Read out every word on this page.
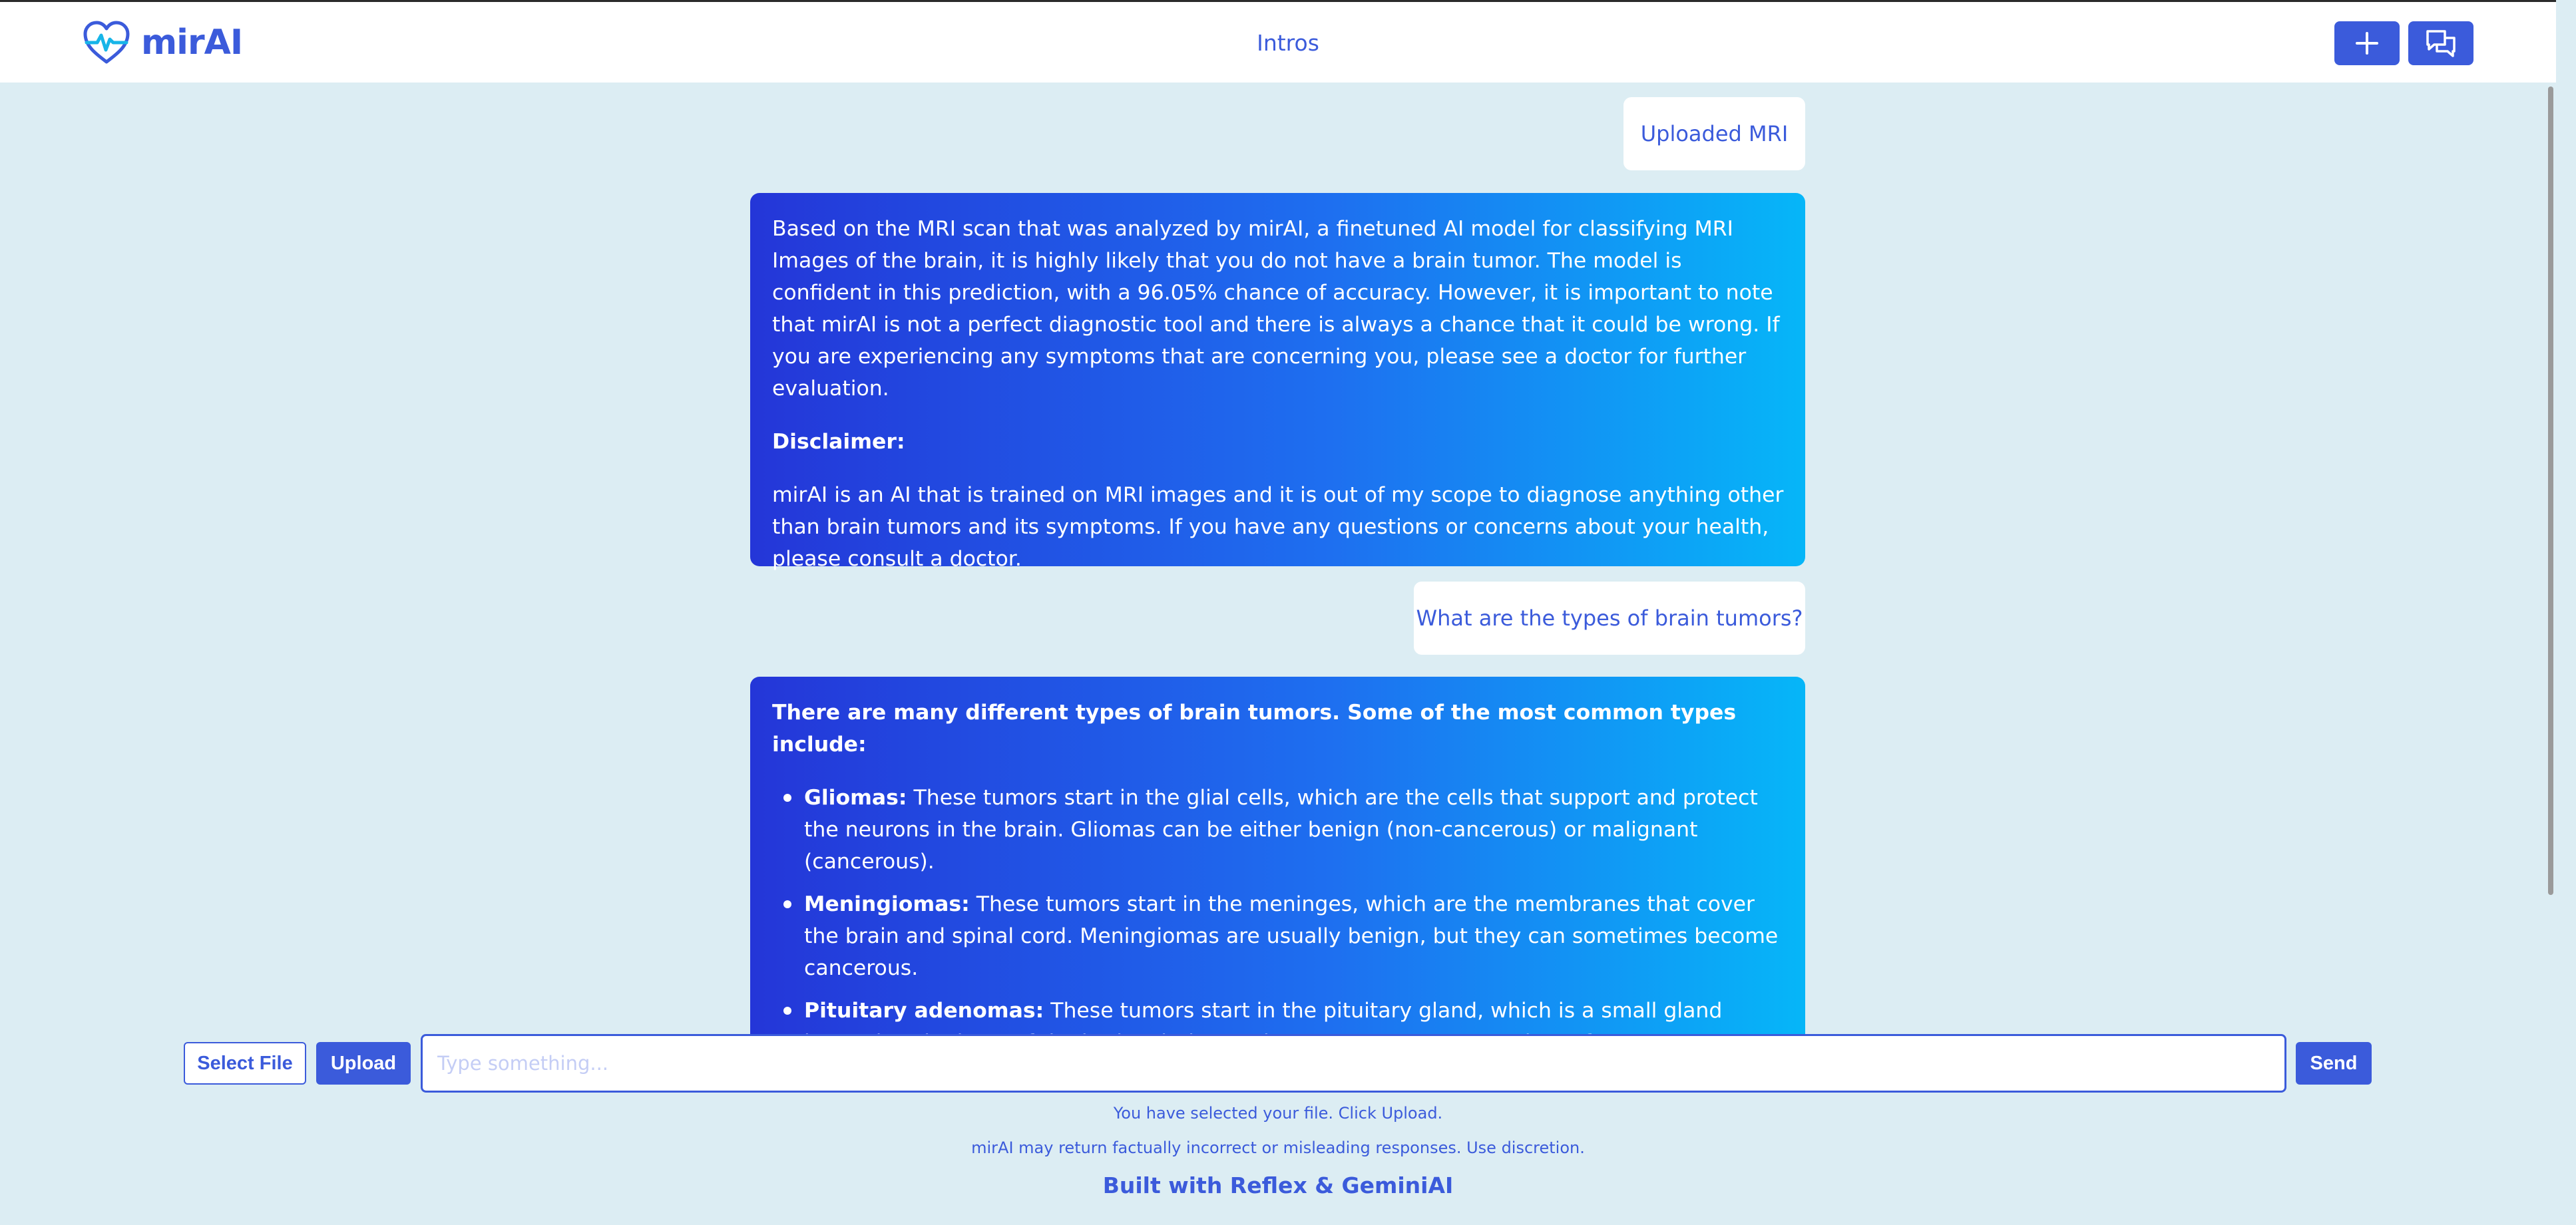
mirAI	Intros
Uploaded MRI

Based on the MRI scan that was analyzed by mirAI, a finetuned AI model for classifying MRI Images of the brain, it is highly likely that you do not have a brain tumor. The model is confident in this prediction, with a 96.05% chance of accuracy. However, it is important to note that mirAI is not a perfect diagnostic tool and there is always a chance that it could be wrong. If you are experiencing any symptoms that are concerning you, please see a doctor for further evaluation.

Disclaimer:

mirAI is an AI that is trained on MRI images and it is out of my scope to diagnose anything other than brain tumors and its symptoms. If you have any questions or concerns about your health, please consult a doctor.

What are the types of brain tumors?

There are many different types of brain tumors. Some of the most common types include:

Gliomas: These tumors start in the glial cells, which are the cells that support and protect the neurons in the brain. Gliomas can be either benign (non-cancerous) or malignant (cancerous).
Meningiomas: These tumors start in the meninges, which are the membranes that cover the brain and spinal cord. Meningiomas are usually benign, but they can sometimes become cancerous.
Pituitary adenomas: These tumors start in the pituitary gland, which is a small gland
Select File	Upload
Type something...	Send
You have selected your file. Click Upload.
mirAI may return factually incorrect or misleading responses. Use discretion.
Built with Reflex & GeminiAI
